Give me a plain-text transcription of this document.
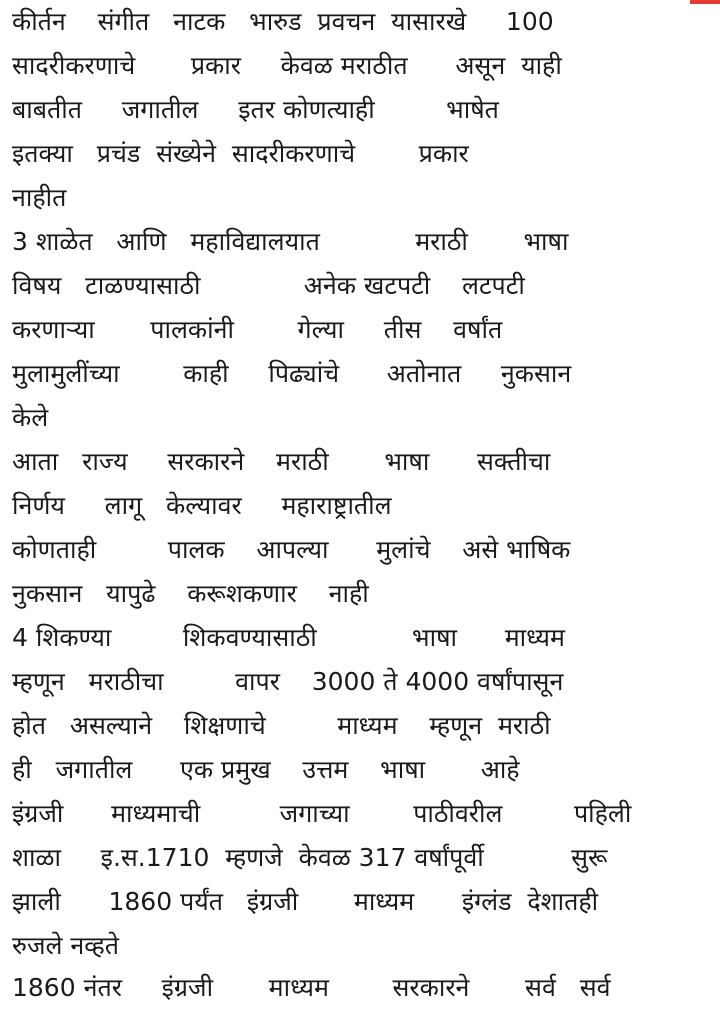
कीर्तन    संगीत   नाटक   भारुड  प्रवचन  यासारखे     100
सादरीकरणाचे       प्रकार     केवळ मराठीत      असून  याही
बाबतीत     जगातील     इतर कोणत्याही         भाषेत
इतक्या   प्रचंड  संख्येने  सादरीकरणाचे        प्रकार
नाहीत
3 शाळेत   आणि   महाविद्यालयात            मराठी       भाषा
विषय   टाळण्यासाठी             अनेक खटपटी    लटपटी
करणाऱ्या       पालकांनी        गेल्या     तीस    वर्षांत
मुलामुलींच्या        काही     पिढ्यांचे      अतोनात     नुकसान
केले
आता   राज्य     सरकारने    मराठी       भाषा      सक्तीचा
निर्णय     लागू   केल्यावर     महाराष्ट्रातील
कोणताही         पालक    आपल्या      मुलांचे    असे भाषिक
नुकसान   यापुढे    करूशकणार    नाही
4 शिकण्या         शिकवण्यासाठी            भाषा      माध्यम
म्हणून   मराठीचा         वापर    3000 ते 4000 वर्षांपासून
होत   असल्याने    शिक्षणाचे         माध्यम    म्हणून  मराठी
ही   जगातील      एक प्रमुख    उत्तम    भाषा       आहे
इंग्रजी      माध्यमाची          जगाच्या        पाठीवरील         पहिली
शाळा     इ.स.1710  म्हणजे  केवळ 317 वर्षांपूर्वी           सुरू
झाली      1860 पर्यंत   इंग्रजी       माध्यम      इंग्लंड  देशातही
रुजले नव्हते
1860 नंतर     इंग्रजी       माध्यम        सरकारने       सर्व   सर्व
